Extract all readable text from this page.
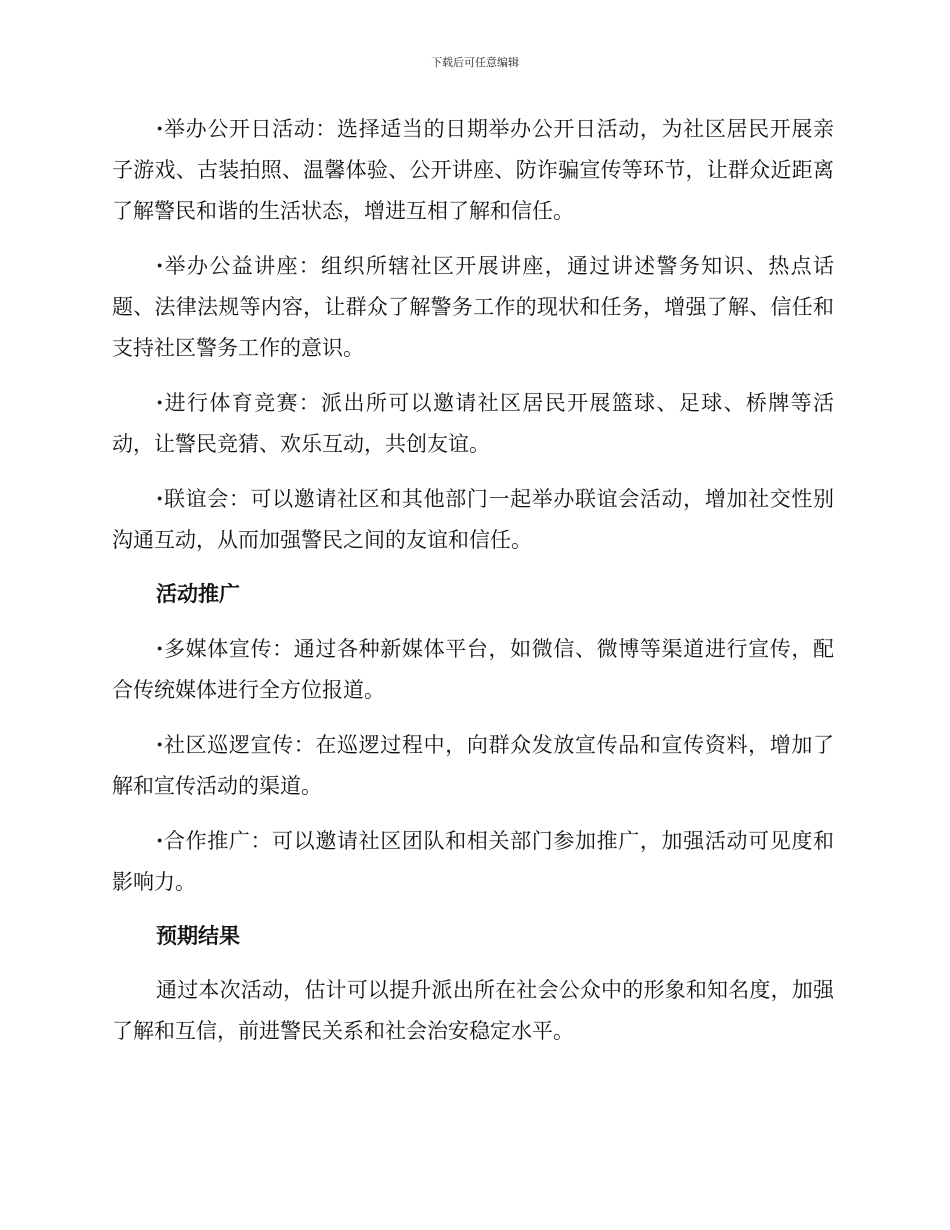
下载后可任意编辑

· 举办公开日活动：选择适当的日期举办公开日活动，为社区居民开展亲子游戏、古装拍照、温馨体验、公开讲座、防诈骗宣传等环节，让群众近距离了解警民和谐的生活状态，增进互相了解和信任。

· 举办公益讲座：组织所辖社区开展讲座，通过讲述警务知识、热点话题、法律法规等内容，让群众了解警务工作的现状和任务，增强了解、信任和支持社区警务工作的意识。

· 进行体育竞赛：派出所可以邀请社区居民开展篮球、足球、桥牌等活动，让警民竞猜、欢乐互动，共创友谊。

· 联谊会：可以邀请社区和其他部门一起举办联谊会活动，增加社交性别沟通互动，从而加强警民之间的友谊和信任。

活动推广

· 多媒体宣传：通过各种新媒体平台，如微信、微博等渠道进行宣传，配合传统媒体进行全方位报道。

· 社区巡逻宣传：在巡逻过程中，向群众发放宣传品和宣传资料，增加了解和宣传活动的渠道。

· 合作推广：可以邀请社区团队和相关部门参加推广，加强活动可见度和影响力。

预期结果

通过本次活动，估计可以提升派出所在社会公众中的形象和知名度，加强了解和互信，前进警民关系和社会治安稳定水平。
